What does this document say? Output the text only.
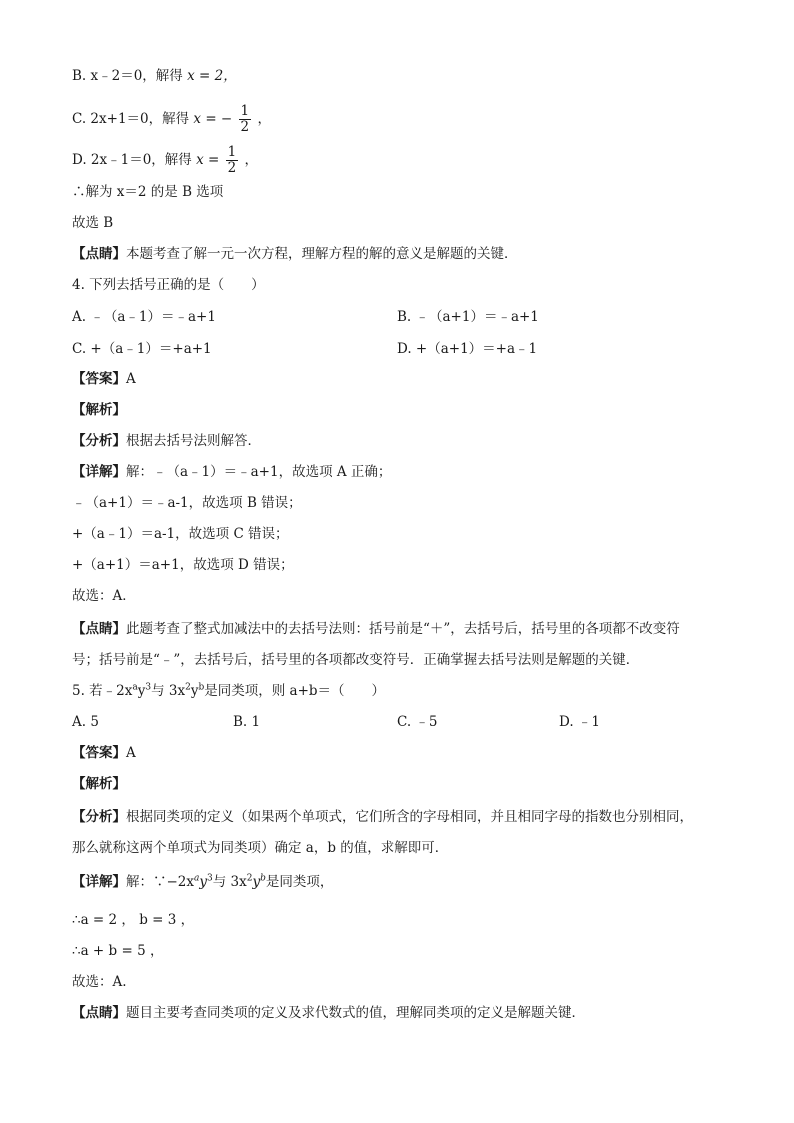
B. x﹣2＝0，解得 x = 2，
C. 2x+1＝0，解得 x = − $\frac{1}{2}$ ，
D. 2x﹣1＝0，解得 $x = \frac{1}{2}$ ，
∴解为 x＝2 的是 B 选项
故选 B
【点睛】本题考查了解一元一次方程，理解方程的解的意义是解题的关键．
4. 下列去括号正确的是（　　）
A. ﹣（a﹣1）＝﹣a+1	B. ﹣（a+1）＝﹣a+1
C. +（a﹣1）＝+a+1	D. +（a+1）＝+a﹣1
【答案】A
【解析】
【分析】根据去括号法则解答．
【详解】解：﹣（a﹣1）＝﹣a+1，故选项 A 正确；
﹣（a+1）＝﹣a-1，故选项 B 错误；
+（a﹣1）＝a-1，故选项 C 错误；
+（a+1）＝a+1，故选项 D 错误；
故选：A．
【点睛】此题考查了整式加减法中的去括号法则：括号前是“＋”，去括号后，括号里的各项都不改变符
号；括号前是“﹣”，去括号后，括号里的各项都改变符号．正确掌握去括号法则是解题的关键．
5. 若$﹣2x^ay^3$与 $3x^2y^b$是同类项，则 a+b＝（　　）
A. 5	B. 1	C. ﹣5	D. ﹣1
【答案】A
【解析】
【分析】根据同类项的定义（如果两个单项式，它们所含的字母相同，并且相同字母的指数也分别相同，
那么就称这两个单项式为同类项）确定 a，b 的值，求解即可．
【详解】解：$\because-2x^ay^3$与 $3x^2y^b$是同类项，
∴a = 2 ， b = 3 ，
∴a + b = 5 ，
故选：A.
【点睛】题目主要考查同类项的定义及求代数式的值，理解同类项的定义是解题关键．
